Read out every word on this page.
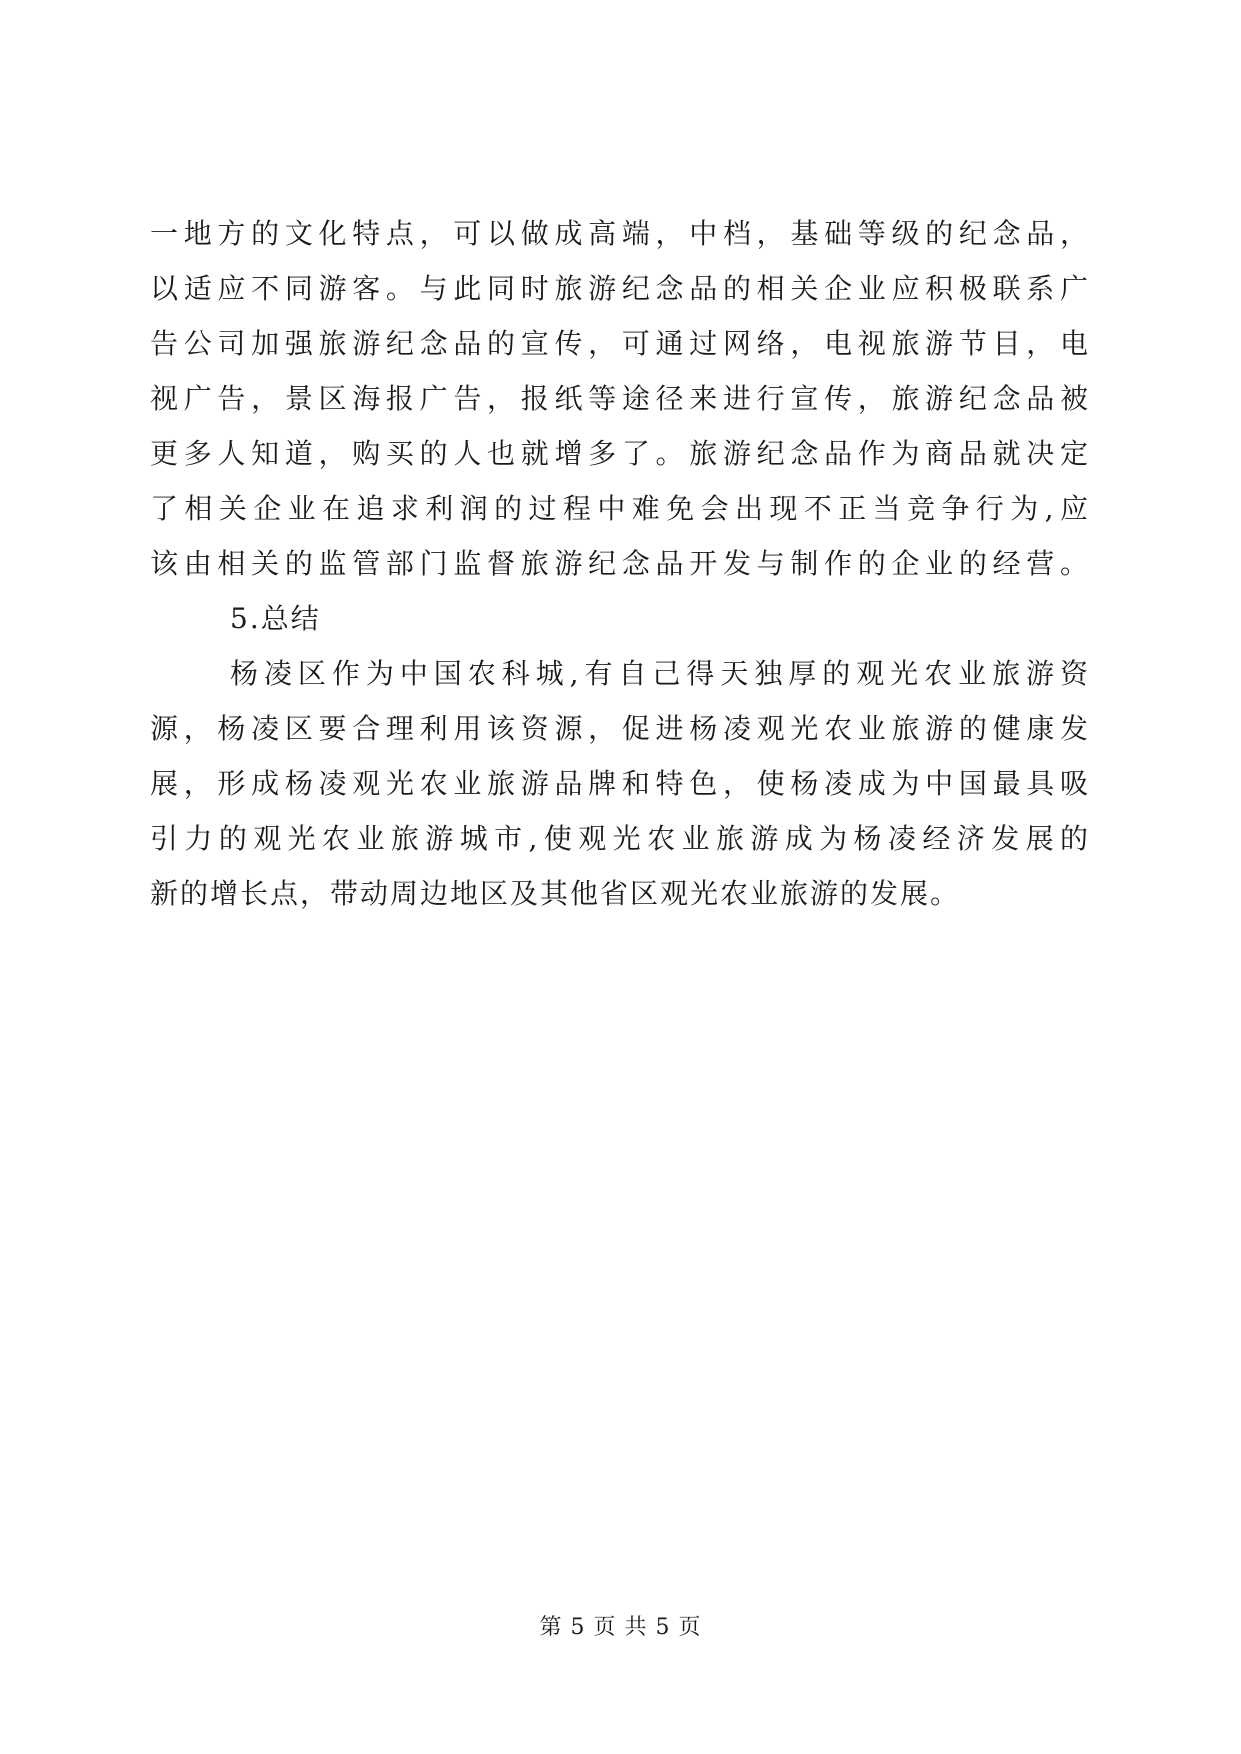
一地方的文化特点，可以做成高端，中档，基础等级的纪念品，
以适应不同游客。与此同时旅游纪念品的相关企业应积极联系广
告公司加强旅游纪念品的宣传，可通过网络，电视旅游节目，电
视广告，景区海报广告，报纸等途径来进行宣传，旅游纪念品被
更多人知道，购买的人也就增多了。旅游纪念品作为商品就决定
了相关企业在追求利润的过程中难免会出现不正当竞争行为,应
该由相关的监管部门监督旅游纪念品开发与制作的企业的经营。
5.总结
杨凌区作为中国农科城,有自己得天独厚的观光农业旅游资
源，杨凌区要合理利用该资源，促进杨凌观光农业旅游的健康发
展，形成杨凌观光农业旅游品牌和特色，使杨凌成为中国最具吸
引力的观光农业旅游城市,使观光农业旅游成为杨凌经济发展的
新的增长点，带动周边地区及其他省区观光农业旅游的发展。
第 5 页 共 5 页
